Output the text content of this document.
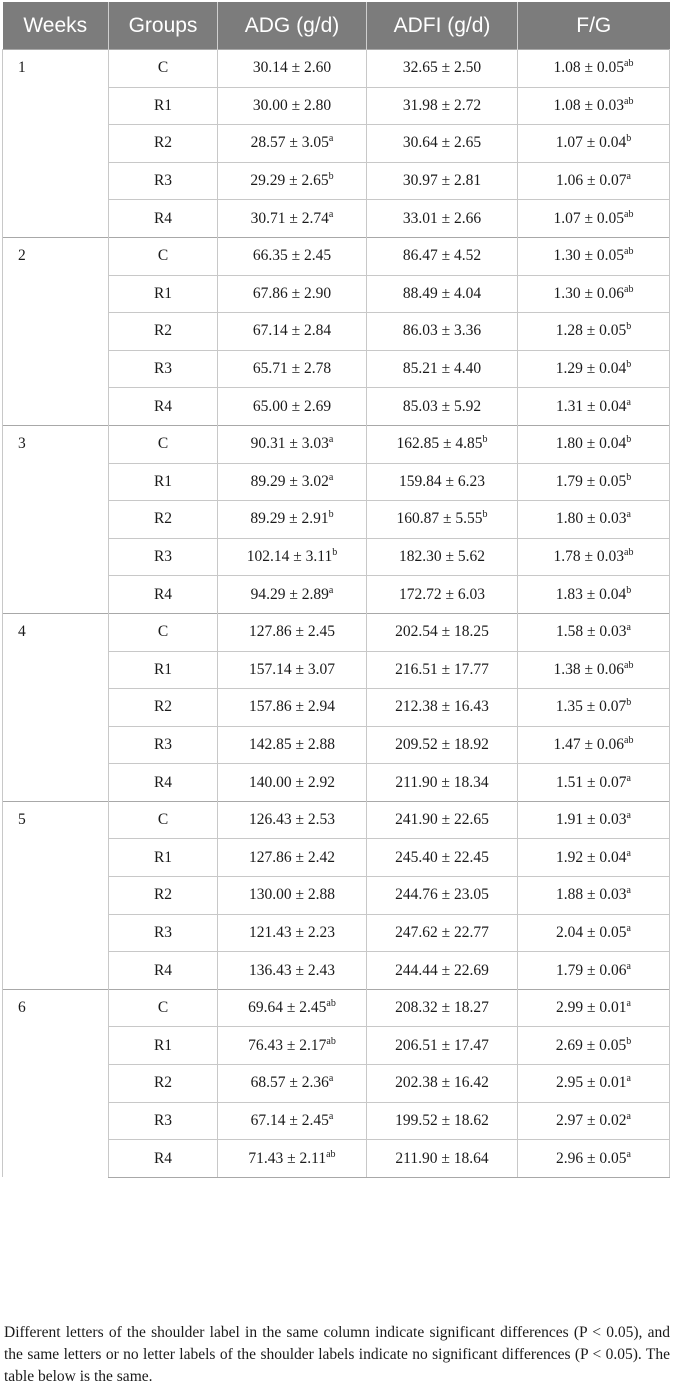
Weeks	Groups	ADG (g/d)	ADFI (g/d)	F/G
1	C	30.14 ± 2.60	32.65 ± 2.50	1.08 ± 0.05$^{ab}$
	R1	30.00 ± 2.80	31.98 ± 2.72	1.08 ± 0.03$^{ab}$
	R2	28.57 ± 3.05$^a$	30.64 ± 2.65	1.07 ± 0.04$^b$
	R3	29.29 ± 2.65$^b$	30.97 ± 2.81	1.06 ± 0.07$^a$
	R4	30.71 ± 2.74$^a$	33.01 ± 2.66	1.07 ± 0.05$^{ab}$
2	C	66.35 ± 2.45	86.47 ± 4.52	1.30 ± 0.05$^{ab}$
	R1	67.86 ± 2.90	88.49 ± 4.04	1.30 ± 0.06$^{ab}$
	R2	67.14 ± 2.84	86.03 ± 3.36	1.28 ± 0.05$^b$
	R3	65.71 ± 2.78	85.21 ± 4.40	1.29 ± 0.04$^b$
	R4	65.00 ± 2.69	85.03 ± 5.92	1.31 ± 0.04$^a$
3	C	90.31 ± 3.03$^a$	162.85 ± 4.85$^b$	1.80 ± 0.04$^b$
	R1	89.29 ± 3.02$^a$	159.84 ± 6.23	1.79 ± 0.05$^b$
	R2	89.29 ± 2.91$^b$	160.87 ± 5.55$^b$	1.80 ± 0.03$^a$
	R3	102.14 ± 3.11$^b$	182.30 ± 5.62	1.78 ± 0.03$^{ab}$
	R4	94.29 ± 2.89$^a$	172.72 ± 6.03	1.83 ± 0.04$^b$
4	C	127.86 ± 2.45	202.54 ± 18.25	1.58 ± 0.03$^a$
	R1	157.14 ± 3.07	216.51 ± 17.77	1.38 ± 0.06$^{ab}$
	R2	157.86 ± 2.94	212.38 ± 16.43	1.35 ± 0.07$^b$
	R3	142.85 ± 2.88	209.52 ± 18.92	1.47 ± 0.06$^{ab}$
	R4	140.00 ± 2.92	211.90 ± 18.34	1.51 ± 0.07$^a$
5	C	126.43 ± 2.53	241.90 ± 22.65	1.91 ± 0.03$^a$
	R1	127.86 ± 2.42	245.40 ± 22.45	1.92 ± 0.04$^a$
	R2	130.00 ± 2.88	244.76 ± 23.05	1.88 ± 0.03$^a$
	R3	121.43 ± 2.23	247.62 ± 22.77	2.04 ± 0.05$^a$
	R4	136.43 ± 2.43	244.44 ± 22.69	1.79 ± 0.06$^a$
6	C	69.64 ± 2.45$^{ab}$	208.32 ± 18.27	2.99 ± 0.01$^a$
	R1	76.43 ± 2.17$^{ab}$	206.51 ± 17.47	2.69 ± 0.05$^b$
	R2	68.57 ± 2.36$^a$	202.38 ± 16.42	2.95 ± 0.01$^a$
	R3	67.14 ± 2.45$^a$	199.52 ± 18.62	2.97 ± 0.02$^a$
	R4	71.43 ± 2.11$^{ab}$	211.90 ± 18.64	2.96 ± 0.05$^a$

Different letters of the shoulder label in the same column indicate significant differences (P < 0.05), and the same letters or no letter labels of the shoulder labels indicate no significant differences (P < 0.05). The table below is the same.
